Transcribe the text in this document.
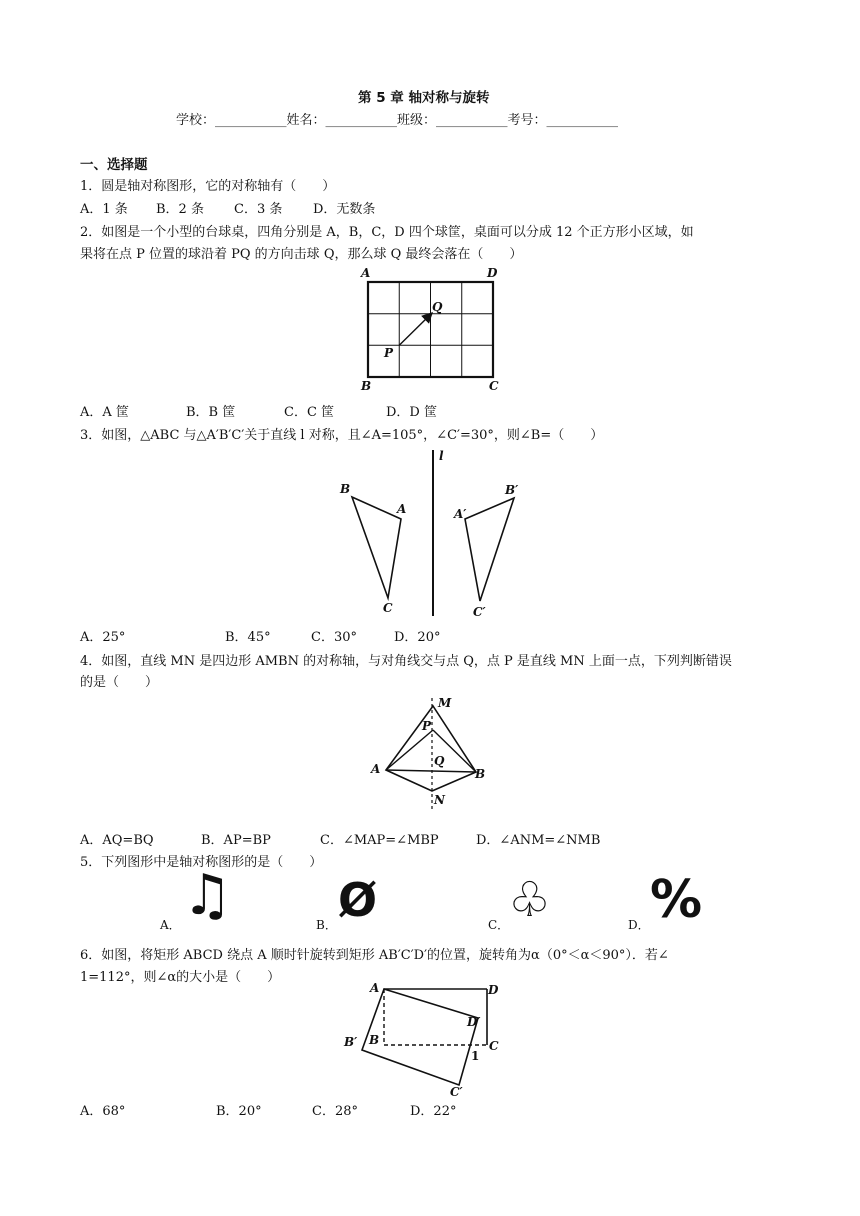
第 5 章 轴对称与旋转
学校：___________姓名：___________班级：___________考号：___________
一、选择题
1．圆是轴对称图形，它的对称轴有（　　）
A．1 条 B．2 条 C．3 条 D．无数条
2．如图是一个小型的台球桌，四角分别是 A，B，C，D 四个球筐，桌面可以分成 12 个正方形小区域，如
果将在点 P 位置的球沿着 PQ 的方向击球 Q，那么球 Q 最终会落在（　　）
A	D
B	C
P
Q
A．A 筐	B．B 筐	C．C 筐	D．D 筐
3．如图，△ABC 与△A′B′C′关于直线 l 对称，且∠A=105°，∠C′=30°，则∠B=（　　）
l
B
A
C
B′
A′
C′
A．25°	B．45°	C．30°	D．20°
4．如图，直线 MN 是四边形 AMBN 的对称轴，与对角线交与点 Q，点 P 是直线 MN 上面一点，下列判断错误
的是（　　）
M
P
Q
A	B
N
A．AQ=BQ	B．AP=BP	C．∠MAP=∠MBP	D．∠ANM=∠NMB
5．下列图形中是轴对称图形的是（　　）
A． ♫	B． Ø	C．
♧	D． %
6．如图，将矩形 ABCD 绕点 A 顺时针旋转到矩形 AB′C′D′的位置，旋转角为α（0°＜α＜90°）．若∠
1=112°，则∠α的大小是（　　）
A	D
D′
B′ B	C
1
C′
A．68°	B．20°	C．28°	D．22°
